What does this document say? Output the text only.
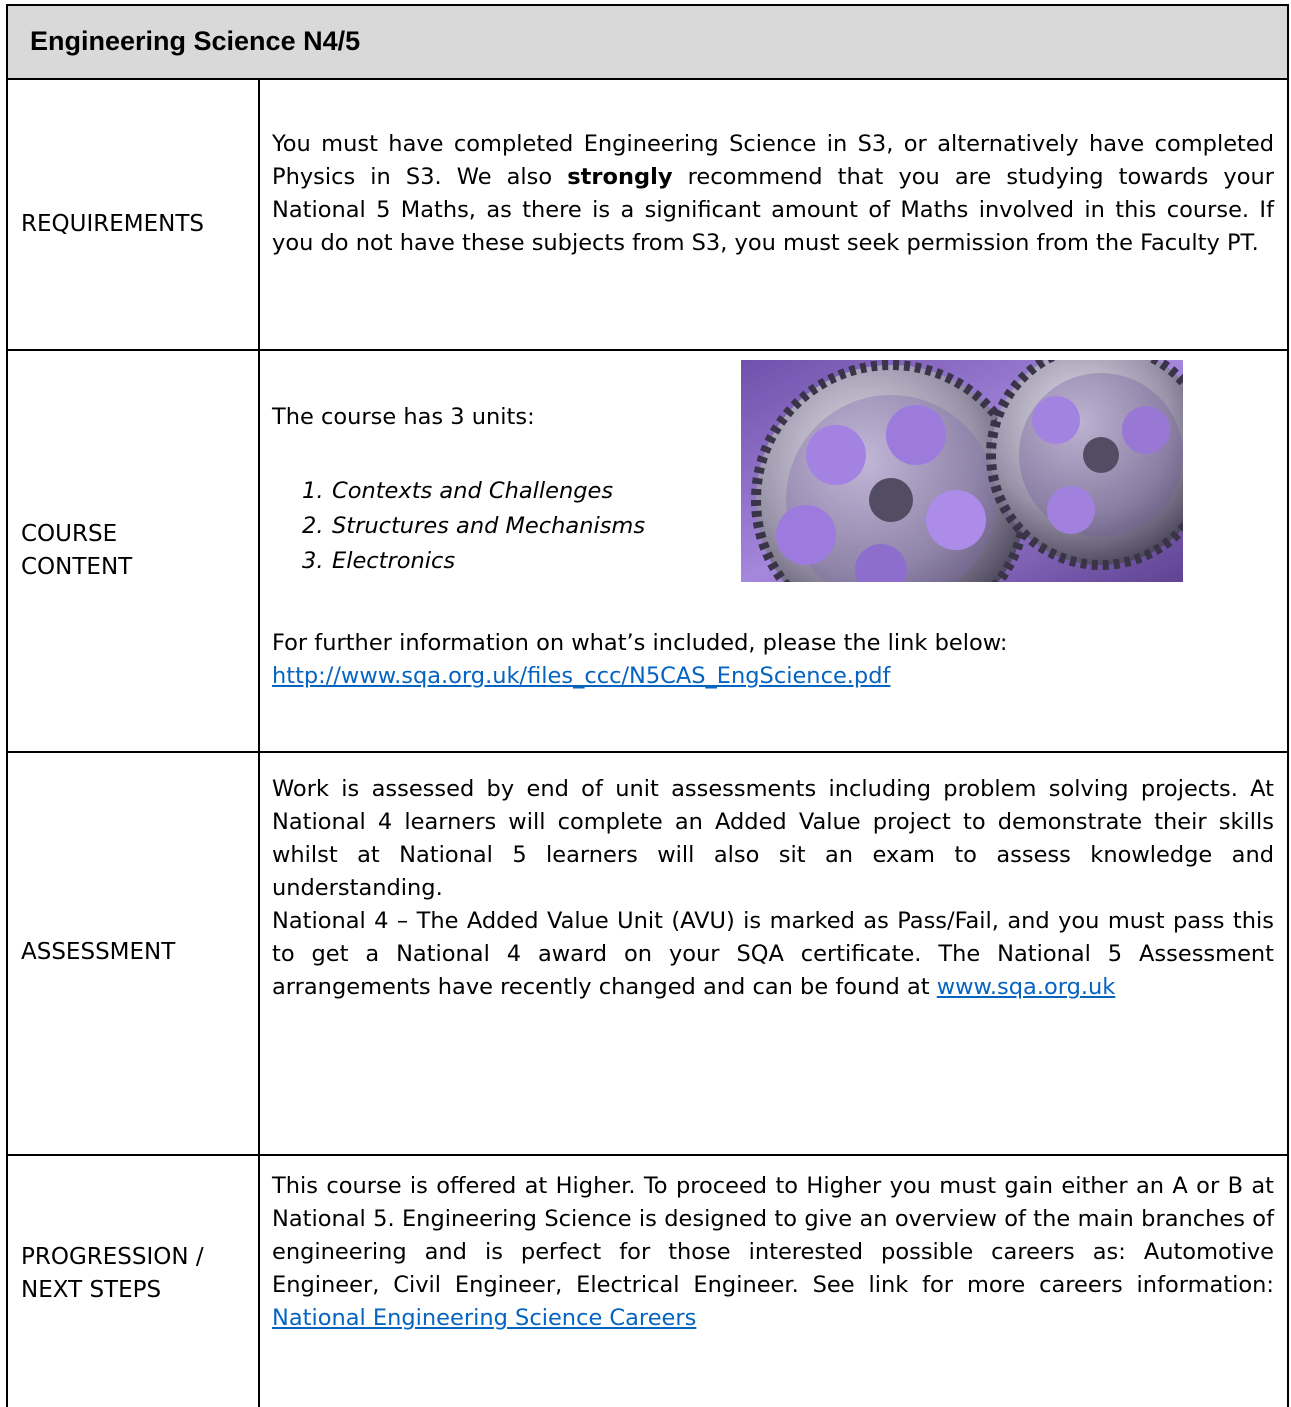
Engineering Science N4/5
REQUIREMENTS

You must have completed Engineering Science in S3, or alternatively have completed Physics in S3. We also strongly recommend that you are studying towards your National 5 Maths, as there is a significant amount of Maths involved in this course. If you do not have these subjects from S3, you must seek permission from the Faculty PT.

COURSE
CONTENT

The course has 3 units:

1. Contexts and Challenges
2. Structures and Mechanisms
3. Electronics

For further information on what’s included, please the link below:

http://www.sqa.org.uk/files_ccc/N5CAS_EngScience.pdf

ASSESSMENT

Work is assessed by end of unit assessments including problem solving projects. At National 4 learners will complete an Added Value project to demonstrate their skills whilst at National 5 learners will also sit an exam to assess knowledge and understanding.

National 4 – The Added Value Unit (AVU) is marked as Pass/Fail, and you must pass this to get a National 4 award on your SQA certificate. The National 5 Assessment arrangements have recently changed and can be found at www.sqa.org.uk

PROGRESSION /
NEXT STEPS

This course is offered at Higher. To proceed to Higher you must gain either an A or B at National 5. Engineering Science is designed to give an overview of the main branches of engineering and is perfect for those interested possible careers as: Automotive Engineer, Civil Engineer, Electrical Engineer. See link for more careers information: National Engineering Science Careers
